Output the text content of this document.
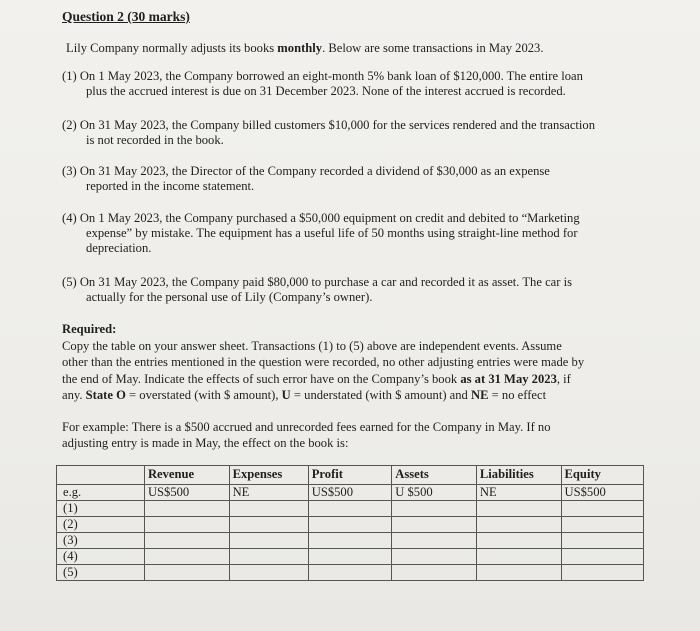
Question 2 (30 marks)
Lily Company normally adjusts its books monthly. Below are some transactions in May 2023.
(1) On 1 May 2023, the Company borrowed an eight-month 5% bank loan of $120,000. The entire loan
plus the accrued interest is due on 31 December 2023. None of the interest accrued is recorded.
(2) On 31 May 2023, the Company billed customers $10,000 for the services rendered and the transaction
is not recorded in the book.
(3) On 31 May 2023, the Director of the Company recorded a dividend of $30,000 as an expense
reported in the income statement.
(4) On 1 May 2023, the Company purchased a $50,000 equipment on credit and debited to “Marketing
expense” by mistake. The equipment has a useful life of 50 months using straight-line method for
depreciation.
(5) On 31 May 2023, the Company paid $80,000 to purchase a car and recorded it as asset. The car is
actually for the personal use of Lily (Company’s owner).
Required:
Copy the table on your answer sheet. Transactions (1) to (5) above are independent events. Assume
other than the entries mentioned in the question were recorded, no other adjusting entries were made by
the end of May. Indicate the effects of such error have on the Company’s book as at 31 May 2023, if
any. State O = overstated (with $ amount), U = understated (with $ amount) and NE = no effect
For example: There is a $500 accrued and unrecorded fees earned for the Company in May. If no
adjusting entry is made in May, the effect on the book is:
	Revenue	Expenses	Profit	Assets	Liabilities	Equity
e.g.	US$500	NE	US$500	U $500	NE	US$500
(1)						
(2)						
(3)						
(4)						
(5)						
